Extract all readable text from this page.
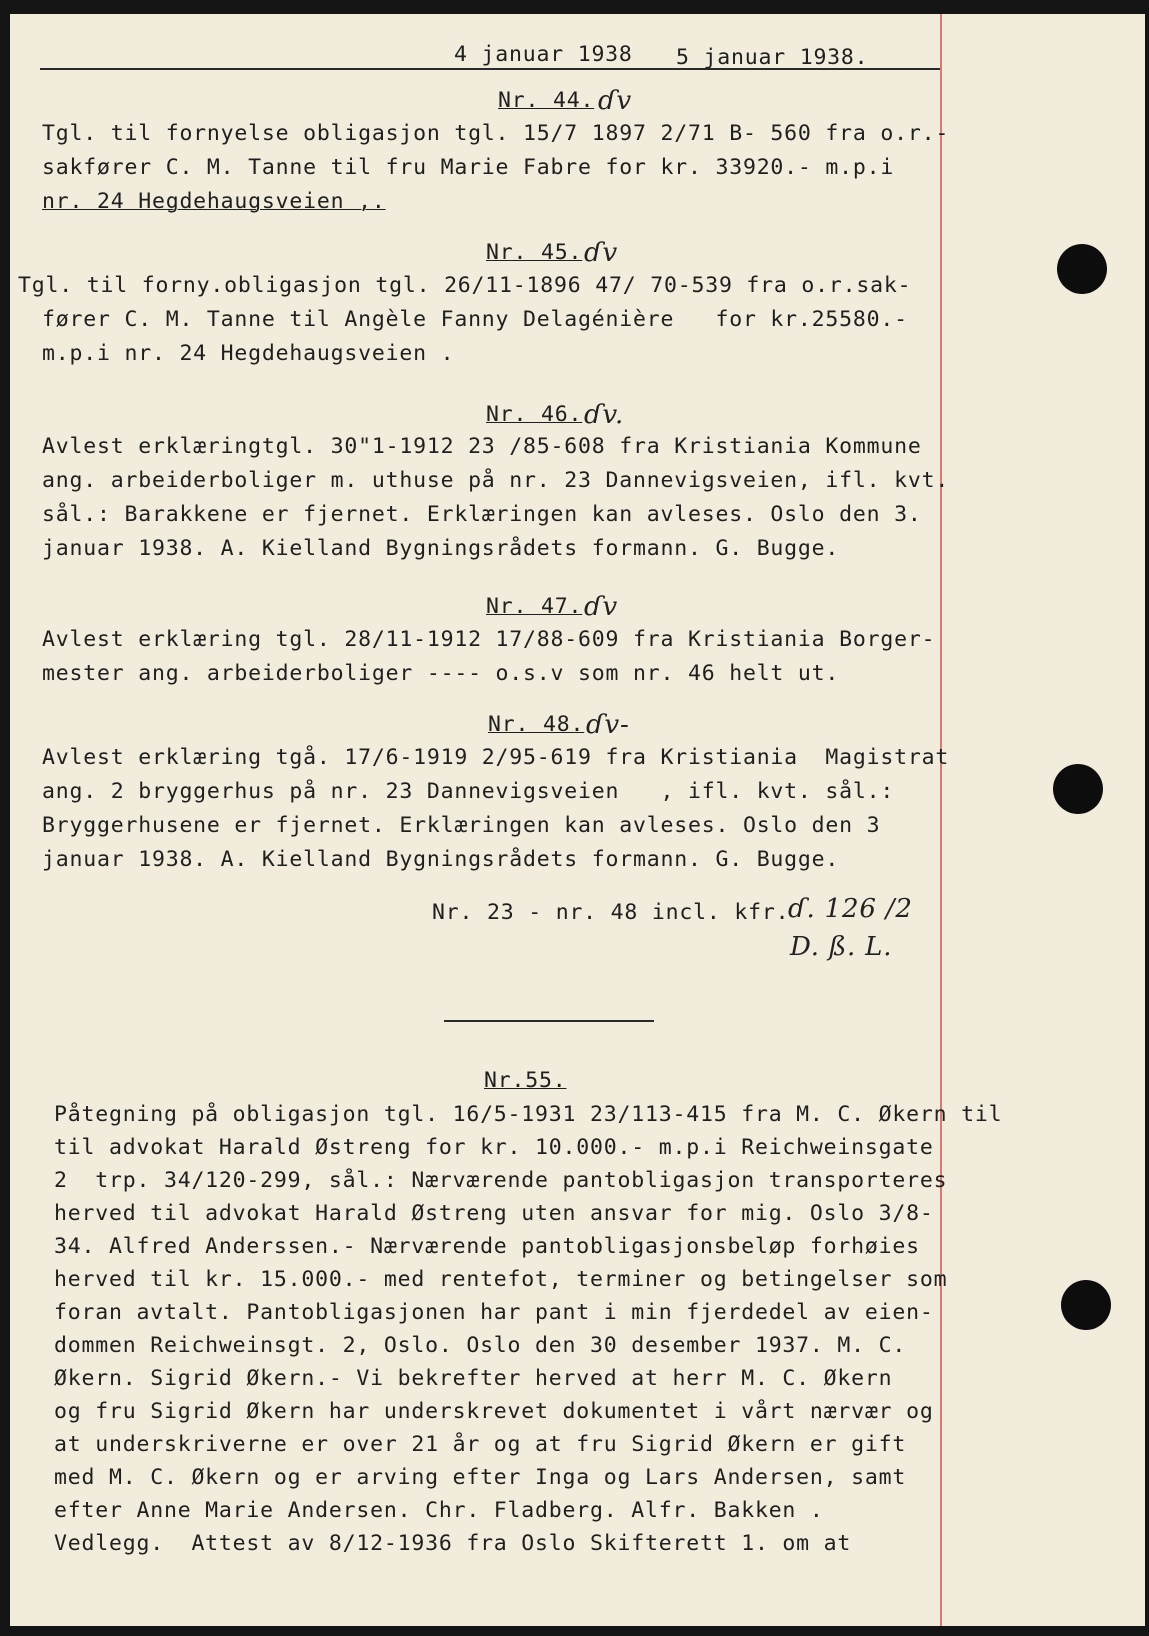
4 januar 1938 5 januar 1938.
Nr. 44. ɗv
Tgl. til fornyelse obligasjon tgl. 15/7 1897 2/71 B- 560 fra o.r.-
sakfører C. M. Tanne til fru Marie Fabre for kr. 33920.- m.p.i
nr. 24 Hegdehaugsveien ,.
Nr. 45. ɗv
Tgl. til forny.obligasjon tgl. 26/11-1896 47/ 70-539 fra o.r.sak-
fører C. M. Tanne til Angèle Fanny Delagénière   for kr.25580.-
m.p.i nr. 24 Hegdehaugsveien .
Nr. 46. ɗv.
Avlest erklæringtgl. 30"1-1912 23 /85-608 fra Kristiania Kommune
ang. arbeiderboliger m. uthuse på nr. 23 Dannevigsveien, ifl. kvt.
sål.: Barakkene er fjernet. Erklæringen kan avleses. Oslo den 3.
januar 1938. A. Kielland Bygningsrådets formann. G. Bugge.
Nr. 47. ɗv
Avlest erklæring tgl. 28/11-1912 17/88-609 fra Kristiania Borger-
mester ang. arbeiderboliger ---- o.s.v som nr. 46 helt ut.
Nr. 48. ɗv-
Avlest erklæring tgå. 17/6-1919 2/95-619 fra Kristiania  Magistrat
ang. 2 bryggerhus på nr. 23 Dannevigsveien   , ifl. kvt. sål.:
Bryggerhusene er fjernet. Erklæringen kan avleses. Oslo den 3
januar 1938. A. Kielland Bygningsrådets formann. G. Bugge.
Nr. 23 - nr. 48 incl. kfr.
ɗ. 126 /2
D. ß. L.
Nr.55.
Påtegning på obligasjon tgl. 16/5-1931 23/113-415 fra M. C. Økern til
til advokat Harald Østreng for kr. 10.000.- m.p.i Reichweinsgate
2  trp. 34/120-299, sål.: Nærværende pantobligasjon transporteres
herved til advokat Harald Østreng uten ansvar for mig. Oslo 3/8-
34. Alfred Anderssen.- Nærværende pantobligasjonsbeløp forhøies
herved til kr. 15.000.- med rentefot, terminer og betingelser som
foran avtalt. Pantobligasjonen har pant i min fjerdedel av eien-
dommen Reichweinsgt. 2, Oslo. Oslo den 30 desember 1937. M. C.
Økern. Sigrid Økern.- Vi bekrefter herved at herr M. C. Økern
og fru Sigrid Økern har underskrevet dokumentet i vårt nærvær og
at underskriverne er over 21 år og at fru Sigrid Økern er gift
med M. C. Økern og er arving efter Inga og Lars Andersen, samt
efter Anne Marie Andersen. Chr. Fladberg. Alfr. Bakken .
Vedlegg.  Attest av 8/12-1936 fra Oslo Skifterett 1. om at
